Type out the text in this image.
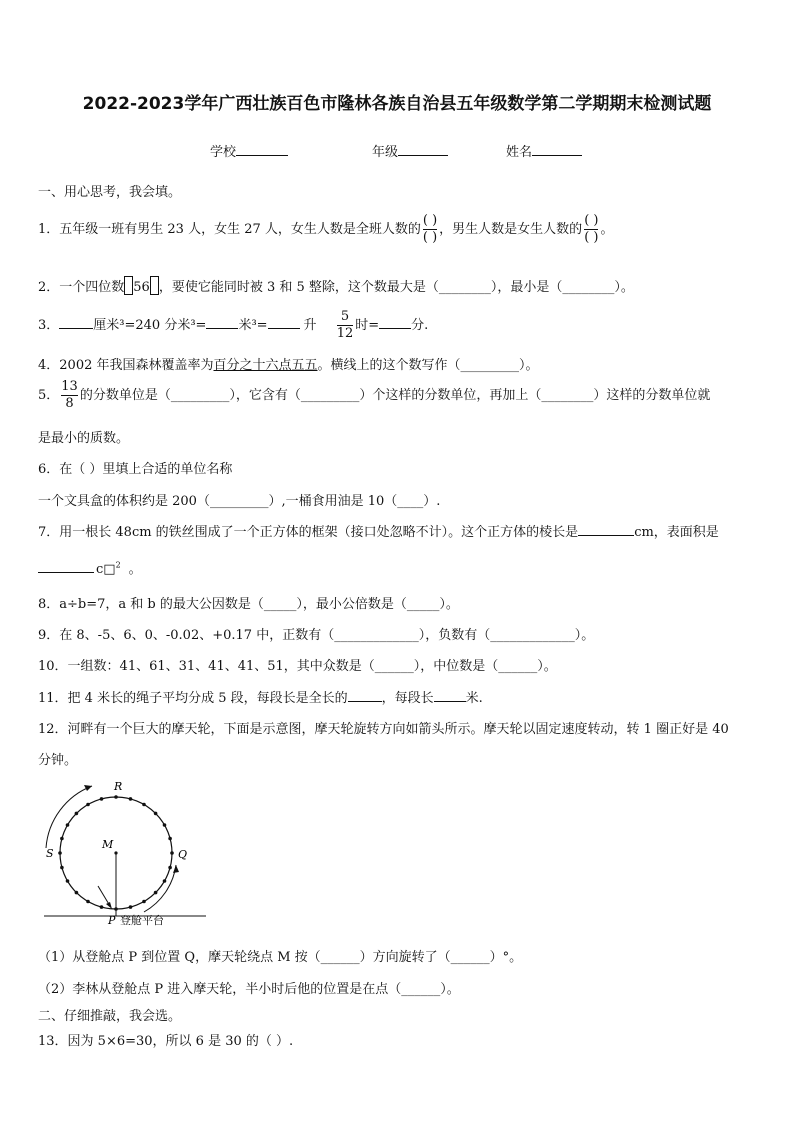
2022-2023学年广西壮族百色市隆林各族自治县五年级数学第二学期期末检测试题
学校	年级	姓名
一、用心思考，我会填。
1．五年级一班有男生 23 人，女生 27 人，女生人数是全班人数的 $\frac{( )}{( )}$ ，男生人数是女生人数的 $\frac{( )}{( )}$ 。
2．一个四位数 56 ，要使它能同时被 3 和 5 整除，这个数最大是（________），最小是（________）。
3．	厘米³=240 分米³= 米³=	升 $\frac{5}{12}$ 时= 分.
4．2002 年我国森林覆盖率为百分之十六点五五。横线上的这个数写作（_________）。
5． $\frac{13}{8}$ 的分数单位是（_________），它含有（_________）个这样的分数单位，再加上（________）这样的分数单位就
是最小的质数。
6．在（ ）里填上合适的单位名称
一个文具盒的体积约是 200（_________）,一桶食用油是 10（____）.
7．用一根长 48cm 的铁丝围成了一个正方体的框架（接口处忽略不计）。这个正方体的棱长是	cm，表面积是
c□$^2$ 。
8．a÷b=7，a 和 b 的最大公因数是（_____），最小公倍数是（_____）。
9．在 8、-5、6、0、-0.02、+0.17 中，正数有（_____________），负数有（_____________）。
10．一组数：41、61、31、41、41、51，其中众数是（______），中位数是（______）。
11．把 4 米长的绳子平均分成 5 段，每段长是全长的	，每段长 米.
12．河畔有一个巨大的摩天轮，下面是示意图，摩天轮旋转方向如箭头所示。摩天轮以固定速度转动，转 1 圈正好是 40
分钟。
R
S
M
Q
P 登舱平台
（1）从登舱点 P 到位置 Q，摩天轮绕点 M 按（______）方向旋转了（______）°。
（2）李林从登舱点 P 进入摩天轮，半小时后他的位置是在点（______）。
二、仔细推敲，我会选。
13．因为 5×6=30，所以 6 是 30 的（ ）.
